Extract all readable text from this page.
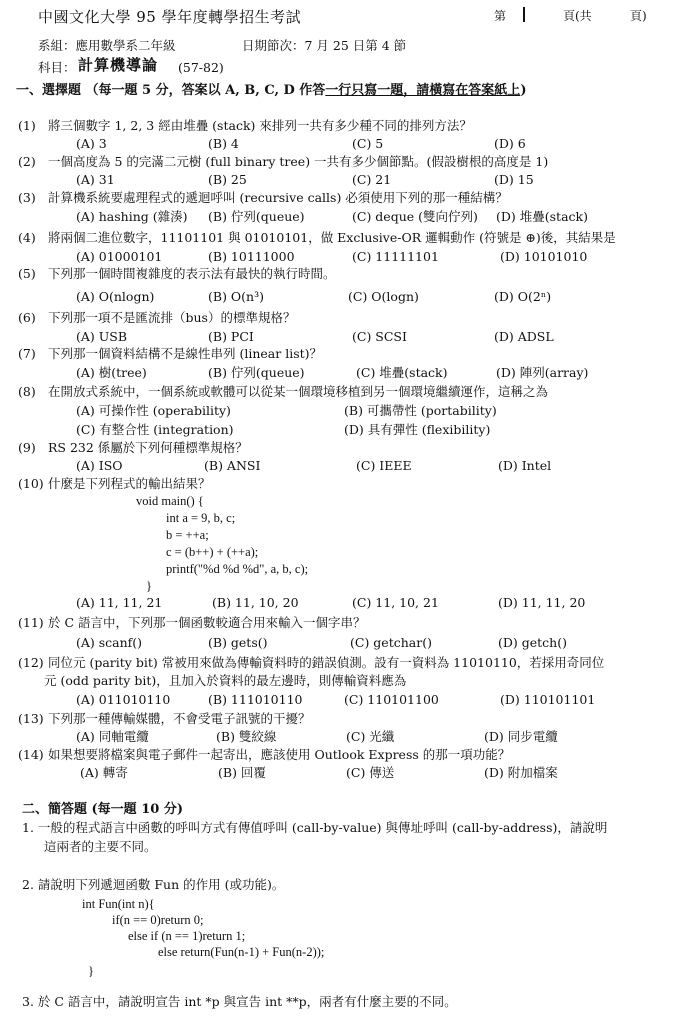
中國文化大學 95 學年度轉學招生考試	第	頁(共	頁)
系組：應用數學系二年級	日期節次：7 月 25 日第 4 節
科目： 計算機導論 (57-82)
一、選擇題 （每一題 5 分，答案以 A, B, C, D 作答一行只寫一題，請橫寫在答案紙上)
(1) 將三個數字 1, 2, 3 經由堆疊 (stack) 來排列一共有多少種不同的排列方法？
(A) 3	(B) 4	(C) 5	(D) 6
(2) 一個高度為 5 的完滿二元樹 (full binary tree) 一共有多少個節點。(假設樹根的高度是 1)
(A) 31	(B) 25	(C) 21	(D) 15
(3) 計算機系統要處理程式的遞迴呼叫 (recursive calls) 必須使用下列的那一種結構？
(A) hashing (雜湊) (B) 佇列(queue)	(C) deque (雙向佇列) (D) 堆疊(stack)
(4) 將兩個二進位數字，11101101 與 01010101，做 Exclusive-OR 邏輯動作 (符號是 ⊕)後，其結果是
(A) 01000101	(B) 10111000	(C) 11111101	(D) 10101010
(5) 下列那一個時間複雜度的表示法有最快的執行時間。
(A) O(nlogn)	(B) O(n³)	(C) O(logn)	(D) O(2ⁿ)
(6) 下列那一項不是匯流排（bus）的標準規格？
(A) USB	(B) PCI	(C) SCSI	(D) ADSL
(7) 下列那一個資料結構不是線性串列 (linear list)？
(A) 樹(tree)	(B) 佇列(queue)	(C) 堆疊(stack)	(D) 陣列(array)
(8) 在開放式系統中，一個系統或軟體可以從某一個環境移植到另一個環境繼續運作，這稱之為
(A) 可操作性 (operability)	(B) 可攜帶性 (portability)
(C) 有整合性 (integration)	(D) 具有彈性 (flexibility)
(9) RS 232 係屬於下列何種標準規格？
(A) ISO	(B) ANSI	(C) IEEE	(D) Intel
(10) 什麼是下列程式的輸出結果？
void main() {
int a = 9, b, c;
b = ++a;
c = (b++) + (++a);
printf("%d %d %d", a, b, c);
}
(A) 11, 11, 21	(B) 11, 10, 20	(C) 11, 10, 21	(D) 11, 11, 20
(11) 於 C 語言中，下列那一個函數較適合用來輸入一個字串？
(A) scanf()	(B) gets()	(C) getchar()	(D) getch()
(12) 同位元 (parity bit) 常被用來做為傳輸資料時的錯誤偵測。設有一資料為 11010110，若採用奇同位
元 (odd parity bit)，且加入於資料的最左邊時，則傳輸資料應為
(A) 011010110	(B) 111010110	(C) 110101100	(D) 110101101
(13) 下列那一種傳輸媒體，不會受電子訊號的干擾？
(A) 同軸電纜	(B) 雙絞線	(C) 光纖	(D) 同步電纜
(14) 如果想要將檔案與電子郵件一起寄出，應該使用 Outlook Express 的那一項功能？
(A) 轉寄	(B) 回覆	(C) 傳送	(D) 附加檔案
二、簡答題 (每一題 10 分)
1. 一般的程式語言中函數的呼叫方式有傳值呼叫 (call-by-value) 與傳址呼叫 (call-by-address)，請說明
這兩者的主要不同。
2. 請說明下列遞迴函數 Fun 的作用 (或功能)。
int Fun(int n){
if(n == 0)return 0;
else if (n == 1)return 1;
else return(Fun(n-1) + Fun(n-2));
}
3. 於 C 語言中，請說明宣告 int *p 與宣告 int **p，兩者有什麼主要的不同。
